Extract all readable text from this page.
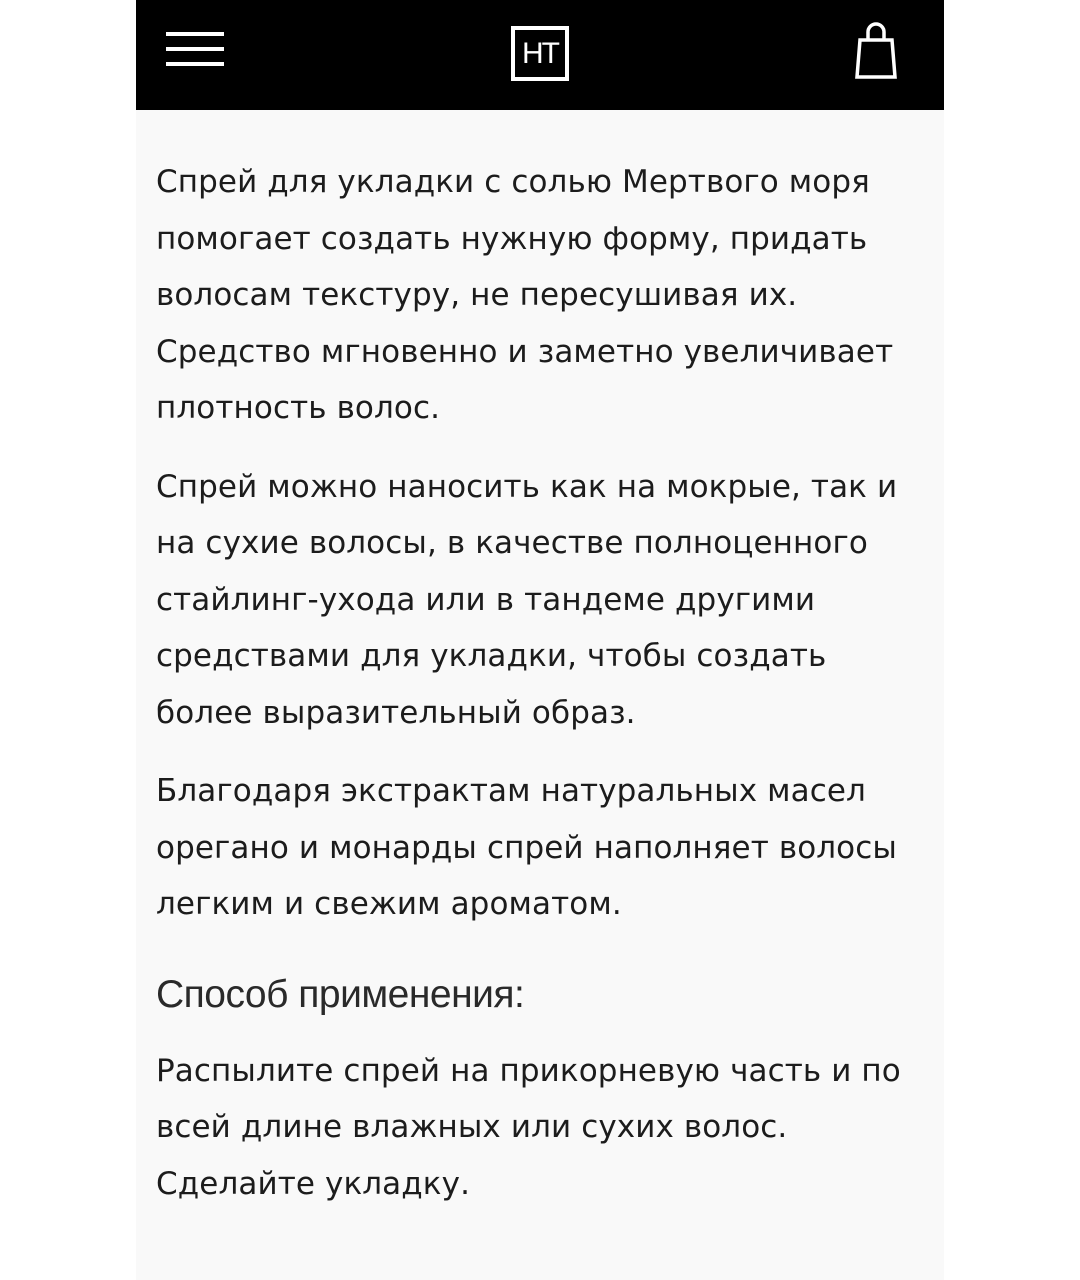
HT

Спрей для укладки с солью Мертвого моря
помогает создать нужную форму, придать
волосам текстуру, не пересушивая их.
Средство мгновенно и заметно увеличивает
плотность волос.

Спрей можно наносить как на мокрые, так и
на сухие волосы, в качестве полноценного
стайлинг-ухода или в тандеме другими
средствами для укладки, чтобы создать
более выразительный образ.

Благодаря экстрактам натуральных масел
орегано и монарды спрей наполняет волосы
легким и свежим ароматом.

Способ применения:

Распылите спрей на прикорневую часть и по
всей длине влажных или сухих волос.
Сделайте укладку.
